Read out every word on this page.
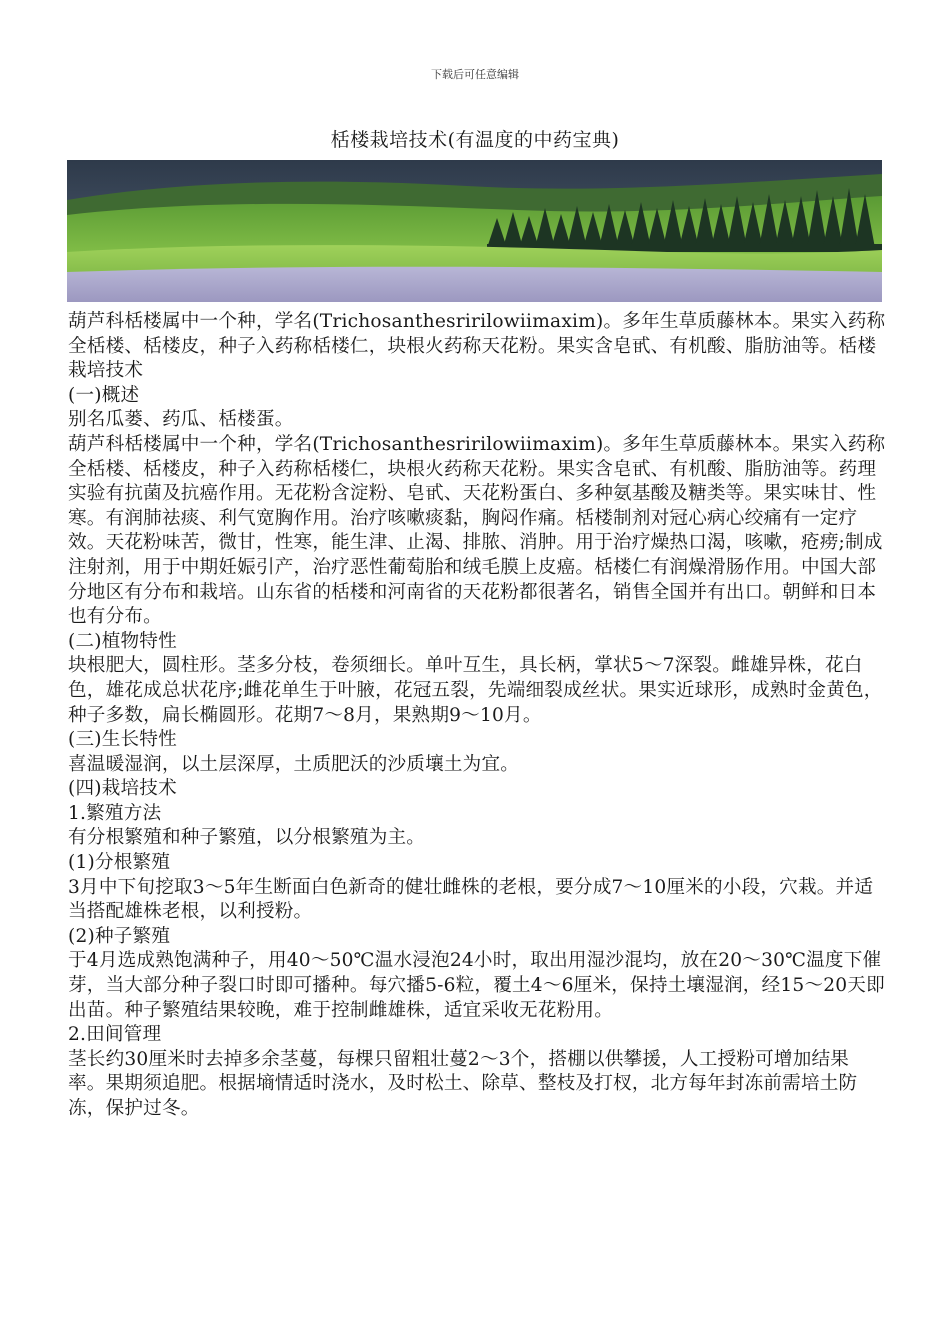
下载后可任意编辑
栝楼栽培技术(有温度的中药宝典)

葫芦科栝楼属中一个种，学名(Trichosanthesririlowiimaxim)。多年生草质藤林本。果实入药称全栝楼、栝楼皮，种子入药称栝楼仁，块根火药称天花粉。果实含皂甙、有机酸、脂肪油等。栝楼栽培技术

(一)概述

别名瓜蒌、药瓜、栝楼蛋。

葫芦科栝楼属中一个种，学名(Trichosanthesririlowiimaxim)。多年生草质藤林本。果实入药称全栝楼、栝楼皮，种子入药称栝楼仁，块根火药称天花粉。果实含皂甙、有机酸、脂肪油等。药理实验有抗菌及抗癌作用。无花粉含淀粉、皂甙、天花粉蛋白、多种氨基酸及糖类等。果实味甘、性寒。有润肺祛痰、利气宽胸作用。治疗咳嗽痰黏，胸闷作痛。栝楼制剂对冠心病心绞痛有一定疗效。天花粉味苦，微甘，性寒，能生津、止渴、排脓、消肿。用于治疗燥热口渴，咳嗽，疮痨;制成注射剂，用于中期妊娠引产，治疗恶性葡萄胎和绒毛膜上皮癌。栝楼仁有润燥滑肠作用。中国大部分地区有分布和栽培。山东省的栝楼和河南省的天花粉都很著名，销售全国并有出口。朝鲜和日本也有分布。

(二)植物特性

块根肥大，圆柱形。茎多分枝，卷须细长。单叶互生，具长柄，掌状5～7深裂。雌雄异株，花白色，雄花成总状花序;雌花单生于叶腋，花冠五裂，先端细裂成丝状。果实近球形，成熟时金黄色，种子多数，扁长椭圆形。花期7～8月，果熟期9～10月。

(三)生长特性

喜温暖湿润，以土层深厚，土质肥沃的沙质壤土为宜。

(四)栽培技术

1.繁殖方法

有分根繁殖和种子繁殖，以分根繁殖为主。

(1)分根繁殖

3月中下旬挖取3～5年生断面白色新奇的健壮雌株的老根，要分成7～10厘米的小段，穴栽。并适当搭配雄株老根，以利授粉。

(2)种子繁殖

于4月选成熟饱满种子，用40～50℃温水浸泡24小时，取出用湿沙混均，放在20～30℃温度下催芽，当大部分种子裂口时即可播种。每穴播5-6粒，覆土4～6厘米，保持土壤湿润，经15～20天即出苗。种子繁殖结果较晚，难于控制雌雄株，适宜采收无花粉用。

2.田间管理

茎长约30厘米时去掉多余茎蔓，每棵只留粗壮蔓2～3个，搭棚以供攀援，人工授粉可增加结果率。果期须追肥。根据墒情适时浇水，及时松土、除草、整枝及打杈，北方每年封冻前需培土防冻，保护过冬。
